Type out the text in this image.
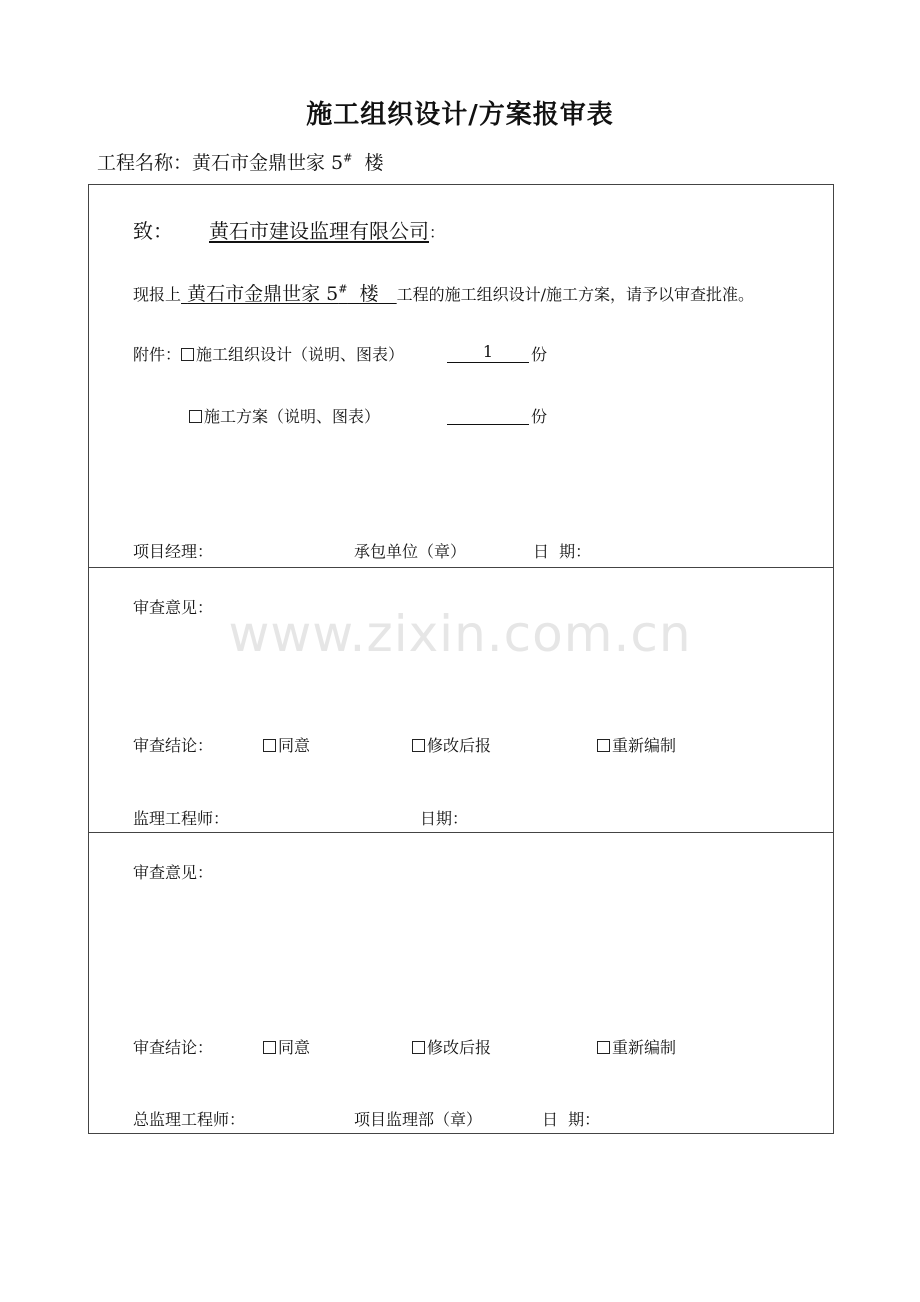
施工组织设计/方案报审表
工程名称：黄石市金鼎世家 5# 楼
www.zixin.com.cn
致： 黄石市建设监理有限公司：
现报上 黄石市金鼎世家 5# 楼 工程的施工组织设计/施工方案，请予以审查批准。
附件： 施工组织设计（说明、图表）	1	份
施工方案（说明、图表）	份
项目经理：	承包单位（章）	日  期：
审查意见：
审查结论：	同意	修改后报	重新编制
监理工程师：	日期：
审查意见：
审查结论：	同意	修改后报	重新编制
总监理工程师：	项目监理部（章）	日  期：
